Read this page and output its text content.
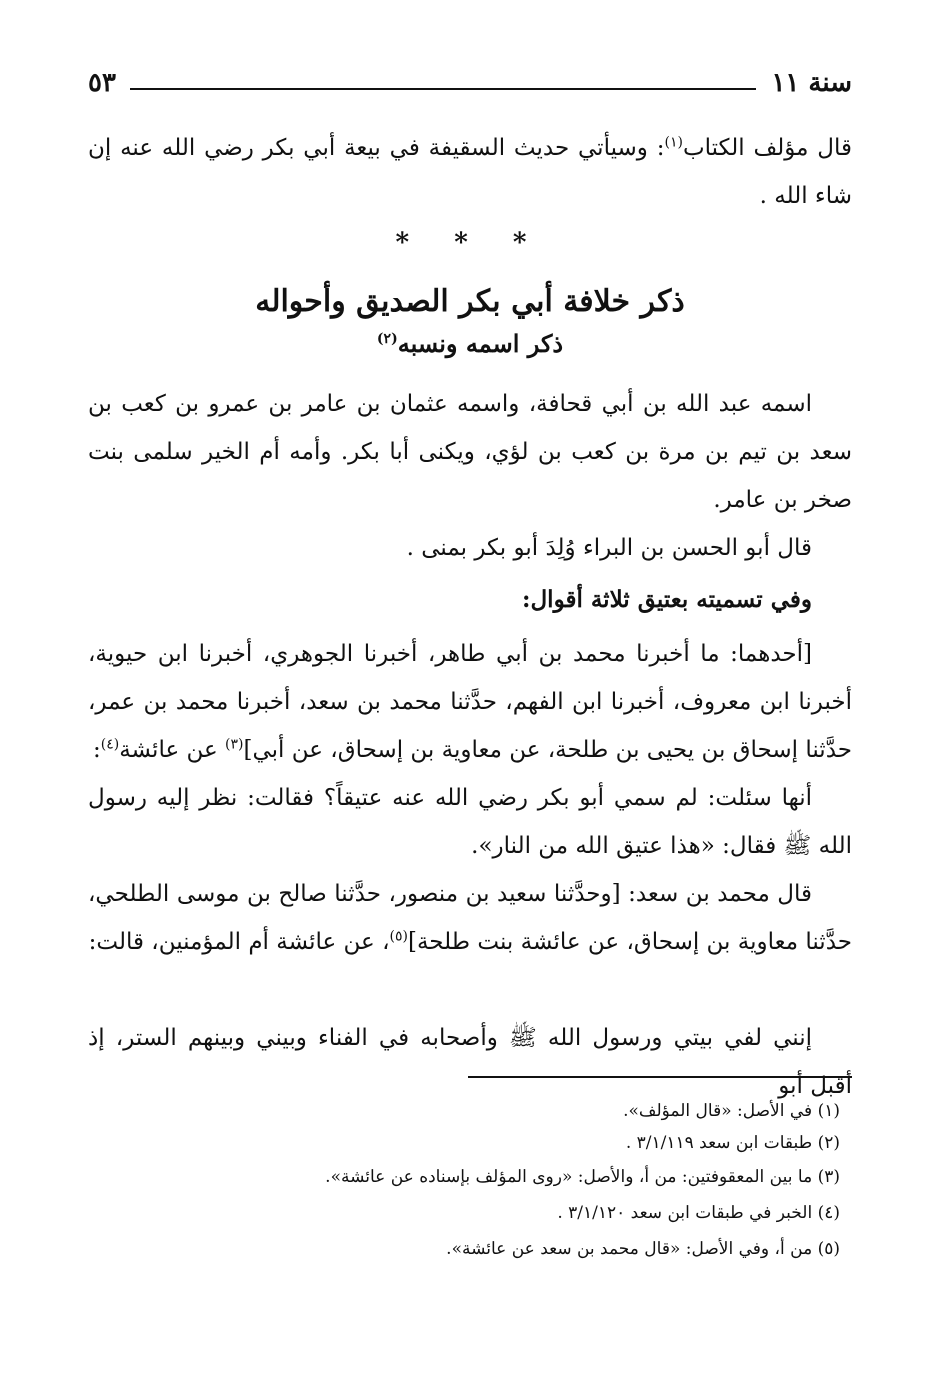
سنة ١١
٥٣
قال مؤلف الكتاب$^{(١)}$: وسيأتي حديث السقيفة في بيعة أبي بكر رضي الله عنه إن شاء الله .
* * *
ذكر خلافة أبي بكر الصديق وأحواله
ذكر اسمه ونسبه$^{(٢)}$
اسمه عبد الله بن أبي قحافة، واسمه عثمان بن عامر بن عمرو بن كعب بن سعد بن تيم بن مرة بن كعب بن لؤي، ويكنى أبا بكر. وأمه أم الخير سلمى بنت صخر بن عامر.
قال أبو الحسن بن البراء وُلِدَ أبو بكر بمنى .
وفي تسميته بعتيق ثلاثة أقوال:
[أحدهما: ما أخبرنا محمد بن أبي طاهر، أخبرنا الجوهري، أخبرنا ابن حيوية، أخبرنا ابن معروف، أخبرنا ابن الفهم، حدَّثنا محمد بن سعد، أخبرنا محمد بن عمر، حدَّثنا إسحاق بن يحيى بن طلحة، عن معاوية بن إسحاق، عن أبي]$^{(٣)}$ عن عائشة$^{(٤)}$:
أنها سئلت: لم سمي أبو بكر رضي الله عنه عتيقاً؟ فقالت: نظر إليه رسول الله ﷺ فقال: «هذا عتيق الله من النار».
قال محمد بن سعد: [وحدَّثنا سعيد بن منصور، حدَّثنا صالح بن موسى الطلحي، حدَّثنا معاوية بن إسحاق، عن عائشة بنت طلحة]$^{(٥)}$، عن عائشة أم المؤمنين، قالت:
إنني لفي بيتي ورسول الله ﷺ وأصحابه في الفناء وبيني وبينهم الستر، إذ أقبل أبو
(١) في الأصل: «قال المؤلف».
(٢) طبقات ابن سعد ٣/١/١١٩ .
(٣) ما بين المعقوفتين: من أ، والأصل: «روى المؤلف بإسناده عن عائشة».
(٤) الخبر في طبقات ابن سعد ٣/١/١٢٠ .
(٥) من أ، وفي الأصل: «قال محمد بن سعد عن عائشة».
